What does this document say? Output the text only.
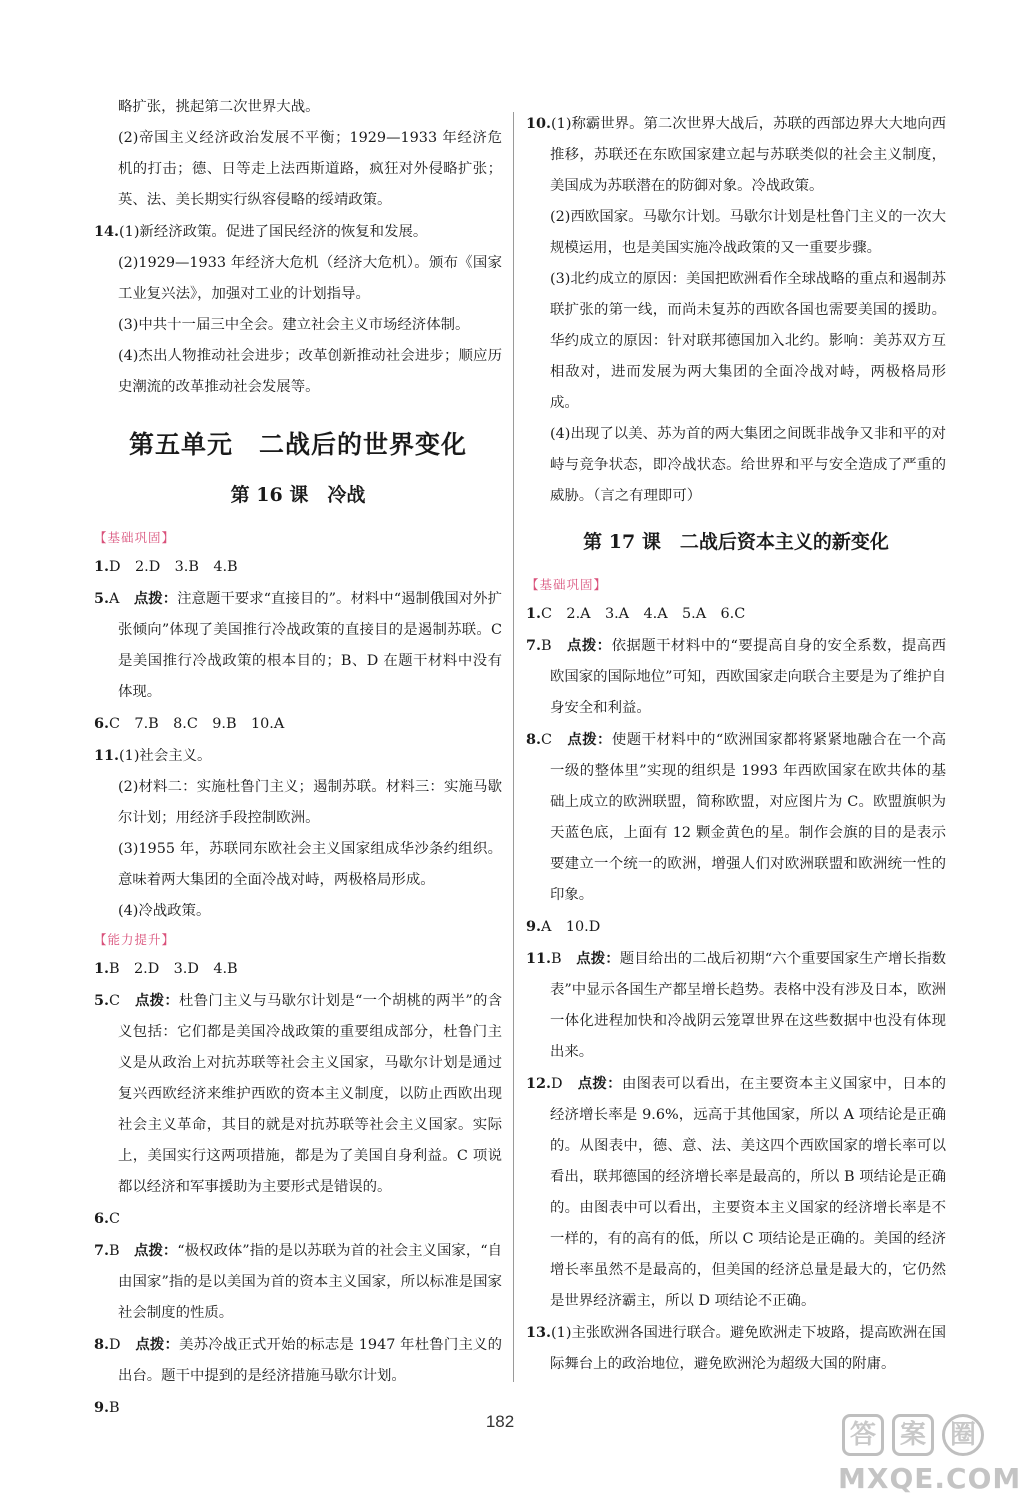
略扩张，挑起第二次世界大战。

(2)帝国主义经济政治发展不平衡；1929—1933 年经济危机的打击；德、日等走上法西斯道路，疯狂对外侵略扩张；英、法、美长期实行纵容侵略的绥靖政策。

14.(1)新经济政策。促进了国民经济的恢复和发展。

(2)1929—1933 年经济大危机（经济大危机）。颁布《国家工业复兴法》，加强对工业的计划指导。

(3)中共十一届三中全会。建立社会主义市场经济体制。

(4)杰出人物推动社会进步；改革创新推动社会进步；顺应历史潮流的改革推动社会发展等。

第五单元　二战后的世界变化
第 16 课　冷战
【基础巩固】

1.D　2.D　3.B　4.B

5.A　点拨：注意题干要求“直接目的”。材料中“遏制俄国对外扩张倾向”体现了美国推行冷战政策的直接目的是遏制苏联。C 是美国推行冷战政策的根本目的；B、D 在题干材料中没有体现。

6.C　7.B　8.C　9.B　10.A

11.(1)社会主义。

(2)材料二：实施杜鲁门主义；遏制苏联。材料三：实施马歇尔计划；用经济手段控制欧洲。

(3)1955 年，苏联同东欧社会主义国家组成华沙条约组织。意味着两大集团的全面冷战对峙，两极格局形成。

(4)冷战政策。

【能力提升】

1.B　2.D　3.D　4.B

5.C　点拨：杜鲁门主义与马歇尔计划是“一个胡桃的两半”的含义包括：它们都是美国冷战政策的重要组成部分，杜鲁门主义是从政治上对抗苏联等社会主义国家，马歇尔计划是通过复兴西欧经济来维护西欧的资本主义制度，以防止西欧出现社会主义革命，其目的就是对抗苏联等社会主义国家。实际上，美国实行这两项措施，都是为了美国自身利益。C 项说都以经济和军事援助为主要形式是错误的。

6.C

7.B　点拨：“极权政体”指的是以苏联为首的社会主义国家，“自由国家”指的是以美国为首的资本主义国家，所以标准是国家社会制度的性质。

8.D　点拨：美苏冷战正式开始的标志是 1947 年杜鲁门主义的出台。题干中提到的是经济措施马歇尔计划。

9.B

10.(1)称霸世界。第二次世界大战后，苏联的西部边界大大地向西推移，苏联还在东欧国家建立起与苏联类似的社会主义制度，美国成为苏联潜在的防御对象。冷战政策。

(2)西欧国家。马歇尔计划。马歇尔计划是杜鲁门主义的一次大规模运用，也是美国实施冷战政策的又一重要步骤。

(3)北约成立的原因：美国把欧洲看作全球战略的重点和遏制苏联扩张的第一线，而尚未复苏的西欧各国也需要美国的援助。华约成立的原因：针对联邦德国加入北约。影响：美苏双方互相敌对，进而发展为两大集团的全面冷战对峙，两极格局形成。

(4)出现了以美、苏为首的两大集团之间既非战争又非和平的对峙与竞争状态，即冷战状态。给世界和平与安全造成了严重的威胁。（言之有理即可）

第 17 课　二战后资本主义的新变化
【基础巩固】

1.C　2.A　3.A　4.A　5.A　6.C

7.B　点拨：依据题干材料中的“要提高自身的安全系数，提高西欧国家的国际地位”可知，西欧国家走向联合主要是为了维护自身安全和利益。

8.C　点拨：使题干材料中的“欧洲国家都将紧紧地融合在一个高一级的整体里”实现的组织是 1993 年西欧国家在欧共体的基础上成立的欧洲联盟，简称欧盟，对应图片为 C。欧盟旗帜为天蓝色底，上面有 12 颗金黄色的星。制作会旗的目的是表示要建立一个统一的欧洲，增强人们对欧洲联盟和欧洲统一性的印象。

9.A　10.D

11.B　点拨：题目给出的二战后初期“六个重要国家生产增长指数表”中显示各国生产都呈增长趋势。表格中没有涉及日本，欧洲一体化进程加快和冷战阴云笼罩世界在这些数据中也没有体现出来。

12.D　点拨：由图表可以看出，在主要资本主义国家中，日本的经济增长率是 9.6%，远高于其他国家，所以 A 项结论是正确的。从图表中，德、意、法、美这四个西欧国家的增长率可以看出，联邦德国的经济增长率是最高的，所以 B 项结论是正确的。由图表中可以看出，主要资本主义国家的经济增长率是不一样的，有的高有的低，所以 C 项结论是正确的。美国的经济增长率虽然不是最高的，但美国的经济总量是最大的，它仍然是世界经济霸主，所以 D 项结论不正确。

13.(1)主张欧洲各国进行联合。避免欧洲走下坡路，提高欧洲在国际舞台上的政治地位，避免欧洲沦为超级大国的附庸。

182	答 案 圈
MXQE.COM
